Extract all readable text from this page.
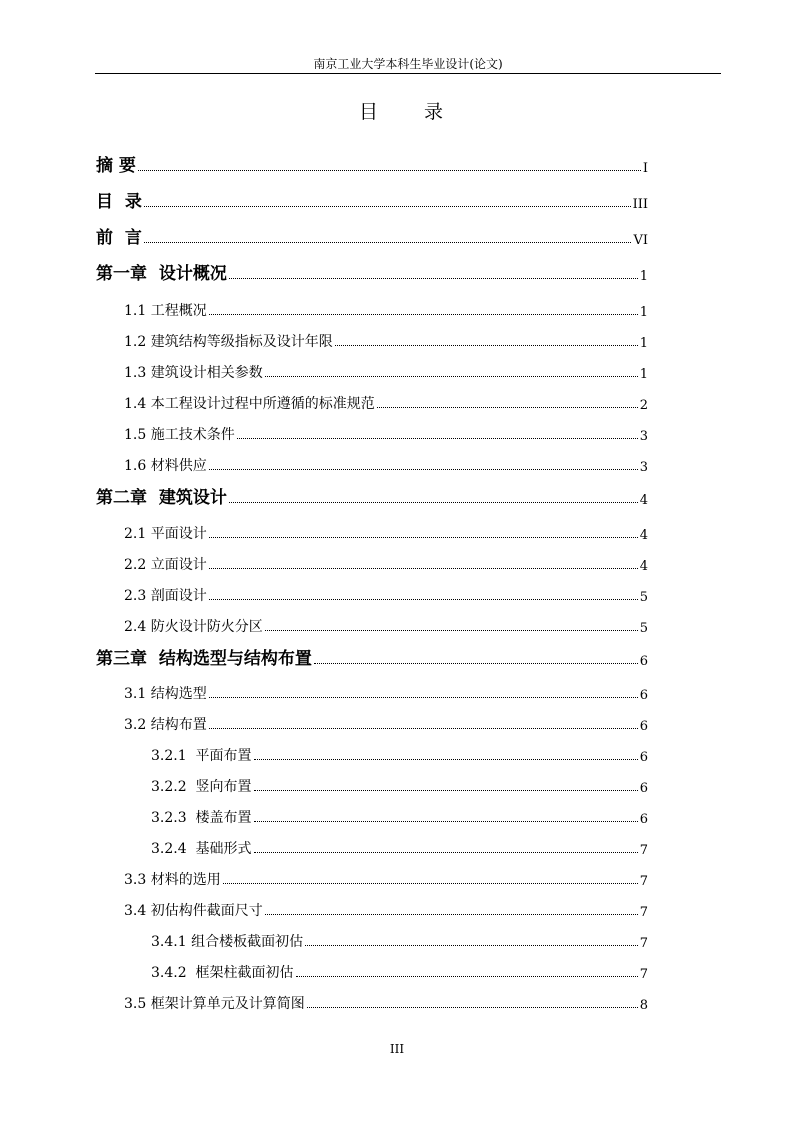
南京工业大学本科生毕业设计(论文)
目 录
摘 要	I
目  录	III
前  言	VI
第一章  设计概况	1
1.1 工程概况	1
1.2 建筑结构等级指标及设计年限	1
1.3 建筑设计相关参数	1
1.4 本工程设计过程中所遵循的标准规范	2
1.5 施工技术条件	3
1.6 材料供应	3
第二章  建筑设计	4
2.1 平面设计	4
2.2 立面设计	4
2.3 剖面设计	5
2.4 防火设计防火分区	5
第三章  结构选型与结构布置	6
3.1 结构选型	6
3.2 结构布置	6
3.2.1  平面布置	6
3.2.2  竖向布置	6
3.2.3  楼盖布置	6
3.2.4  基础形式	7
3.3 材料的选用	7
3.4 初估构件截面尺寸	7
3.4.1 组合楼板截面初估	7
3.4.2  框架柱截面初估	7
3.5 框架计算单元及计算简图	8
III
